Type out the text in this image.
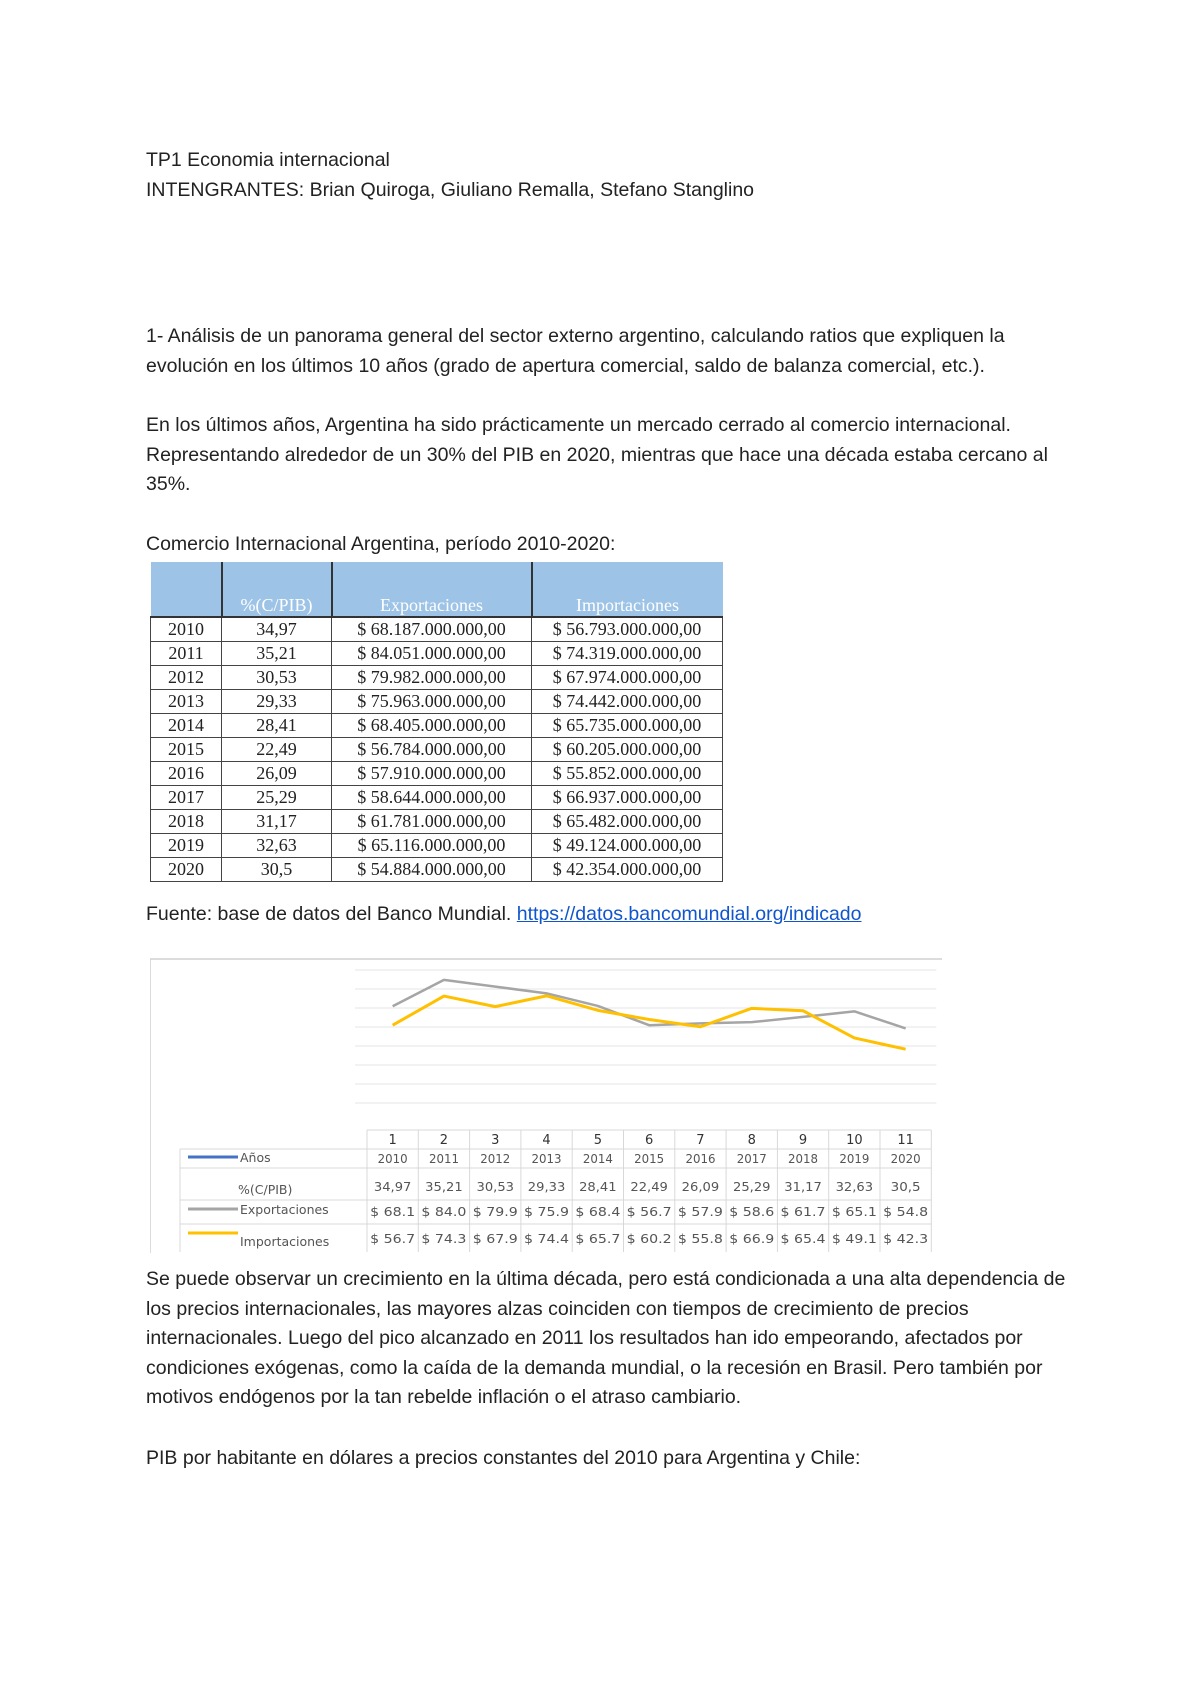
TP1 Economia internacional
INTENGRANTES: Brian Quiroga, Giuliano Remalla, Stefano Stanglino
1- Análisis de un panorama general del sector externo argentino, calculando ratios que expliquen la evolución en los últimos 10 años (grado de apertura comercial, saldo de balanza comercial, etc.).
En los últimos años, Argentina ha sido prácticamente un mercado cerrado al comercio internacional. Representando alrededor de un 30% del PIB en 2020, mientras que hace una década estaba cercano al 35%.
Comercio Internacional Argentina, período 2010-2020:
	%(C/PIB)	Exportaciones	Importaciones
2010	34,97	$ 68.187.000.000,00	$ 56.793.000.000,00
2011	35,21	$ 84.051.000.000,00	$ 74.319.000.000,00
2012	30,53	$ 79.982.000.000,00	$ 67.974.000.000,00
2013	29,33	$ 75.963.000.000,00	$ 74.442.000.000,00
2014	28,41	$ 68.405.000.000,00	$ 65.735.000.000,00
2015	22,49	$ 56.784.000.000,00	$ 60.205.000.000,00
2016	26,09	$ 57.910.000.000,00	$ 55.852.000.000,00
2017	25,29	$ 58.644.000.000,00	$ 66.937.000.000,00
2018	31,17	$ 61.781.000.000,00	$ 65.482.000.000,00
2019	32,63	$ 65.116.000.000,00	$ 49.124.000.000,00
2020	30,5	$ 54.884.000.000,00	$ 42.354.000.000,00
Fuente: base de datos del Banco Mundial. https://datos.bancomundial.org/indicado
1	2	3	4	5	6	7	8	9	10	11
Años	2010 2011 2012 2013 2014 2015 2016 2017 2018 2019 2020
%(C/PIB)	34,97 35,21 30,53 29,33 28,41 22,49 26,09 25,29 31,17 32,63 30,5
Exportaciones	$ 68.1 $ 84.0 $ 79.9 $ 75.9 $ 68.4 $ 56.7 $ 57.9 $ 58.6 $ 61.7 $ 65.1 $ 54.8
Importaciones	$ 56.7 $ 74.3 $ 67.9 $ 74.4 $ 65.7 $ 60.2 $ 55.8 $ 66.9 $ 65.4 $ 49.1 $ 42.3
Se puede observar un crecimiento en la última década, pero está condicionada a una alta dependencia de los precios internacionales, las mayores alzas coinciden con tiempos de crecimiento de precios internacionales. Luego del pico alcanzado en 2011 los resultados han ido empeorando, afectados por condiciones exógenas, como la caída de la demanda mundial, o la recesión en Brasil. Pero también por motivos endógenos por la tan rebelde inflación o el atraso cambiario.
PIB por habitante en dólares a precios constantes del 2010 para Argentina y Chile:
